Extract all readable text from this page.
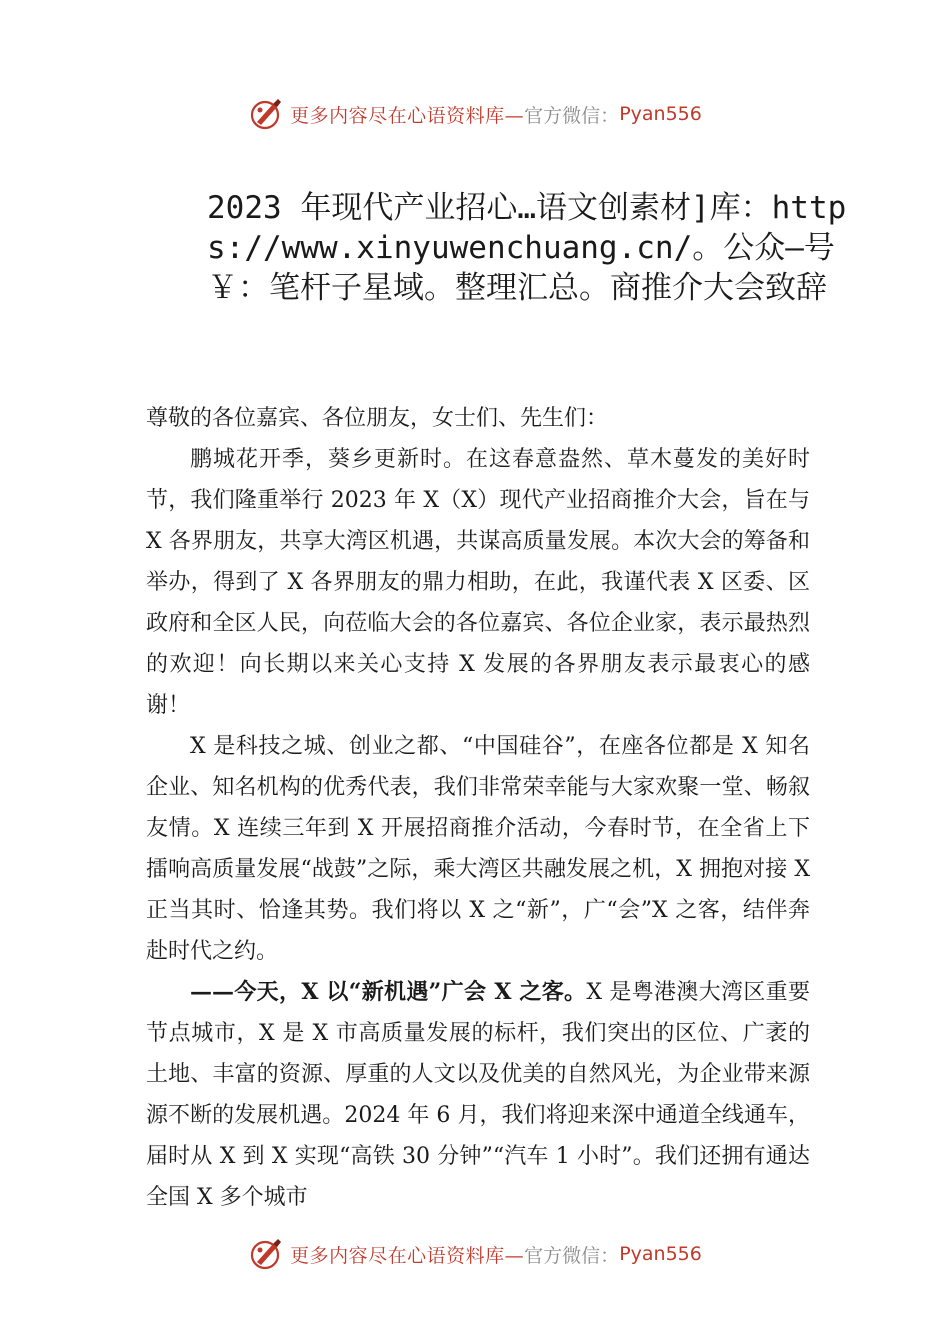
更多内容尽在心语资料库— 官方微信： Pyan556
2023 年现代产业招心…语文创素材]库：https://www.xinyuwenchuang.cn/。公众—号￥：笔杆子星域。整理汇总。商推介大会致辞

尊敬的各位嘉宾、各位朋友，女士们、先生们：

鹏城花开季，葵乡更新时。在这春意盎然、草木蔓发的美好时节，我们隆重举行 2023 年 X（X）现代产业招商推介大会，旨在与 X 各界朋友，共享大湾区机遇，共谋高质量发展。本次大会的筹备和举办，得到了 X 各界朋友的鼎力相助，在此，我谨代表 X 区委、区政府和全区人民，向莅临大会的各位嘉宾、各位企业家，表示最热烈的欢迎！向长期以来关心支持 X 发展的各界朋友表示最衷心的感谢！

X 是科技之城、创业之都、“中国硅谷”，在座各位都是 X 知名企业、知名机构的优秀代表，我们非常荣幸能与大家欢聚一堂、畅叙友情。X 连续三年到 X 开展招商推介活动，今春时节，在全省上下擂响高质量发展“战鼓”之际，乘大湾区共融发展之机，X 拥抱对接 X 正当其时、恰逢其势。我们将以 X 之“新”，广“会”X 之客，结伴奔赴时代之约。

——今天，X 以“新机遇”广会 X 之客。X 是粤港澳大湾区重要节点城市，X 是 X 市高质量发展的标杆，我们突出的区位、广袤的土地、丰富的资源、厚重的人文以及优美的自然风光，为企业带来源源不断的发展机遇。2024 年 6 月，我们将迎来深中通道全线通车，届时从 X 到 X 实现“高铁 30 分钟”“汽车 1 小时”。我们还拥有通达全国 X 多个城市

更多内容尽在心语资料库— 官方微信： Pyan556
